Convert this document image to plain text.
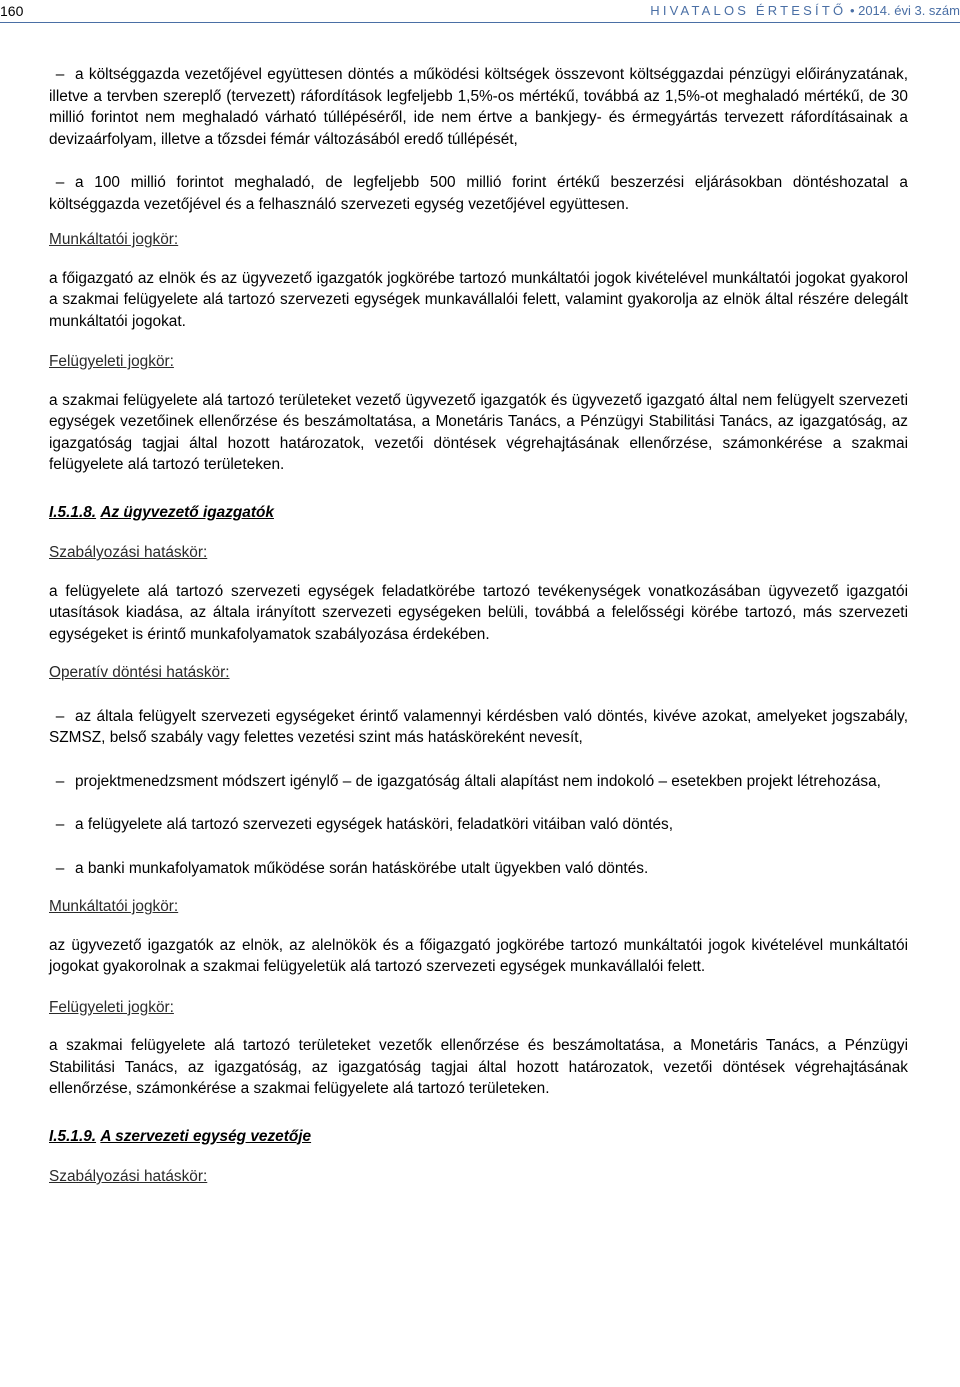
160	HIVATALOS ÉRTESÍTŐ • 2014. évi 3. szám

– a költséggazda vezetőjével együttesen döntés a működési költségek összevont költséggazdai pénzügyi előirányzatának, illetve a tervben szereplő (tervezett) ráfordítások legfeljebb 1,5%-os mértékű, továbbá az 1,5%-ot meghaladó mértékű, de 30 millió forintot nem meghaladó várható túllépéséről, ide nem értve a bankjegy- és érmegyártás tervezett ráfordításainak a devizaárfolyam, illetve a tőzsdei fémár változásából eredő túllépését,

– a 100 millió forintot meghaladó, de legfeljebb 500 millió forint értékű beszerzési eljárásokban döntéshozatal a költséggazda vezetőjével és a felhasználó szervezeti egység vezetőjével együttesen.

Munkáltatói jogkör:

a főigazgató az elnök és az ügyvezető igazgatók jogkörébe tartozó munkáltatói jogok kivételével munkáltatói jogokat gyakorol a szakmai felügyelete alá tartozó szervezeti egységek munkavállalói felett, valamint gyakorolja az elnök által részére delegált munkáltatói jogokat.

Felügyeleti jogkör:

a szakmai felügyelete alá tartozó területeket vezető ügyvezető igazgatók és ügyvezető igazgató által nem felügyelt szervezeti egységek vezetőinek ellenőrzése és beszámoltatása, a Monetáris Tanács, a Pénzügyi Stabilitási Tanács, az igazgatóság, az igazgatóság tagjai által hozott határozatok, vezetői döntések végrehajtásának ellenőrzése, számonkérése a szakmai felügyelete alá tartozó területeken.

I.5.1.8. Az ügyvezető igazgatók

Szabályozási hatáskör:

a felügyelete alá tartozó szervezeti egységek feladatkörébe tartozó tevékenységek vonatkozásában ügyvezető igazgatói utasítások kiadása, az általa irányított szervezeti egységeken belüli, továbbá a felelősségi körébe tartozó, más szervezeti egységeket is érintő munkafolyamatok szabályozása érdekében.

Operatív döntési hatáskör:

– az általa felügyelt szervezeti egységeket érintő valamennyi kérdésben való döntés, kivéve azokat, amelyeket jogszabály, SZMSZ, belső szabály vagy felettes vezetési szint más hatásköreként nevesít,

– projektmenedzsment módszert igénylő – de igazgatóság általi alapítást nem indokoló – esetekben projekt létrehozása,

– a felügyelete alá tartozó szervezeti egységek hatásköri, feladatköri vitáiban való döntés,

– a banki munkafolyamatok működése során hatáskörébe utalt ügyekben való döntés.

Munkáltatói jogkör:

az ügyvezető igazgatók az elnök, az alelnökök és a főigazgató jogkörébe tartozó munkáltatói jogok kivételével munkáltatói jogokat gyakorolnak a szakmai felügyeletük alá tartozó szervezeti egységek munkavállalói felett.

Felügyeleti jogkör:

a szakmai felügyelete alá tartozó területeket vezetők ellenőrzése és beszámoltatása, a Monetáris Tanács, a Pénzügyi Stabilitási Tanács, az igazgatóság, az igazgatóság tagjai által hozott határozatok, vezetői döntések végrehajtásának ellenőrzése, számonkérése a szakmai felügyelete alá tartozó területeken.

I.5.1.9. A szervezeti egység vezetője

Szabályozási hatáskör:
